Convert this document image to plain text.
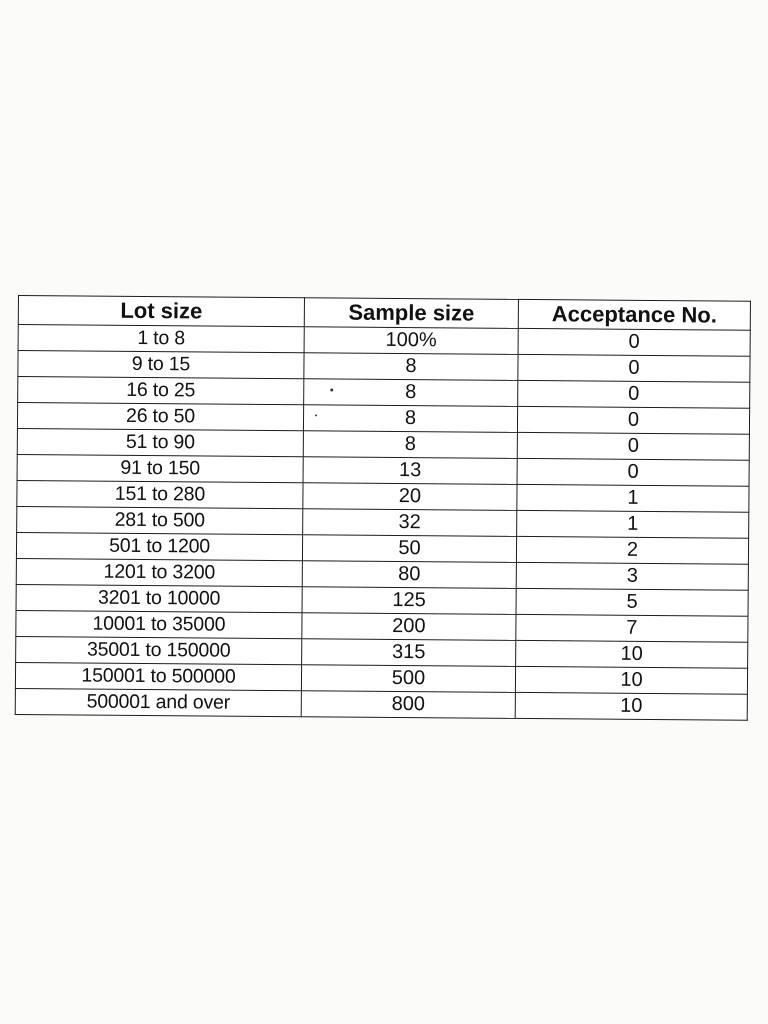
Lot size	Sample size	Acceptance No.
1 to 8	100%	0
9 to 15	8	0
16 to 25	8	0
26 to 50	8	0
51 to 90	8	0
91 to 150	13	0
151 to 280	20	1
281 to 500	32	1
501 to 1200	50	2
1201 to 3200	80	3
3201 to 10000	125	5
10001 to 35000	200	7
35001 to 150000	315	10
150001 to 500000	500	10
500001 and over	800	10
